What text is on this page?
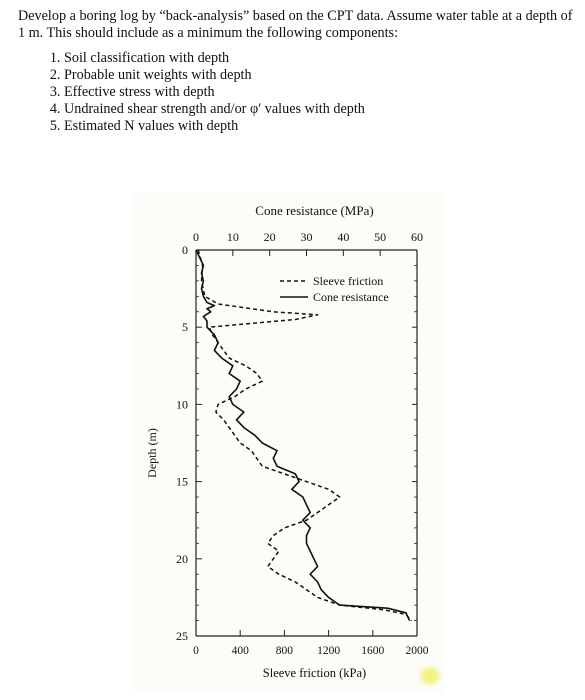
Develop a boring log by “back-analysis” based on the CPT data. Assume water table at a depth of 1 m. This should include as a minimum the following components:

1. Soil classification with depth
2. Probable unit weights with depth
3. Effective stress with depth
4. Undrained shear strength and/or φ′ values with depth
5. Estimated N values with depth
Cone resistance (MPa)
0 10 20 30 40 50 60
Sleeve friction (kPa)
0	400 800 1200 1600 2000
Depth (m)
0
5
10
15
20
25
Sleeve friction
Cone resistance
